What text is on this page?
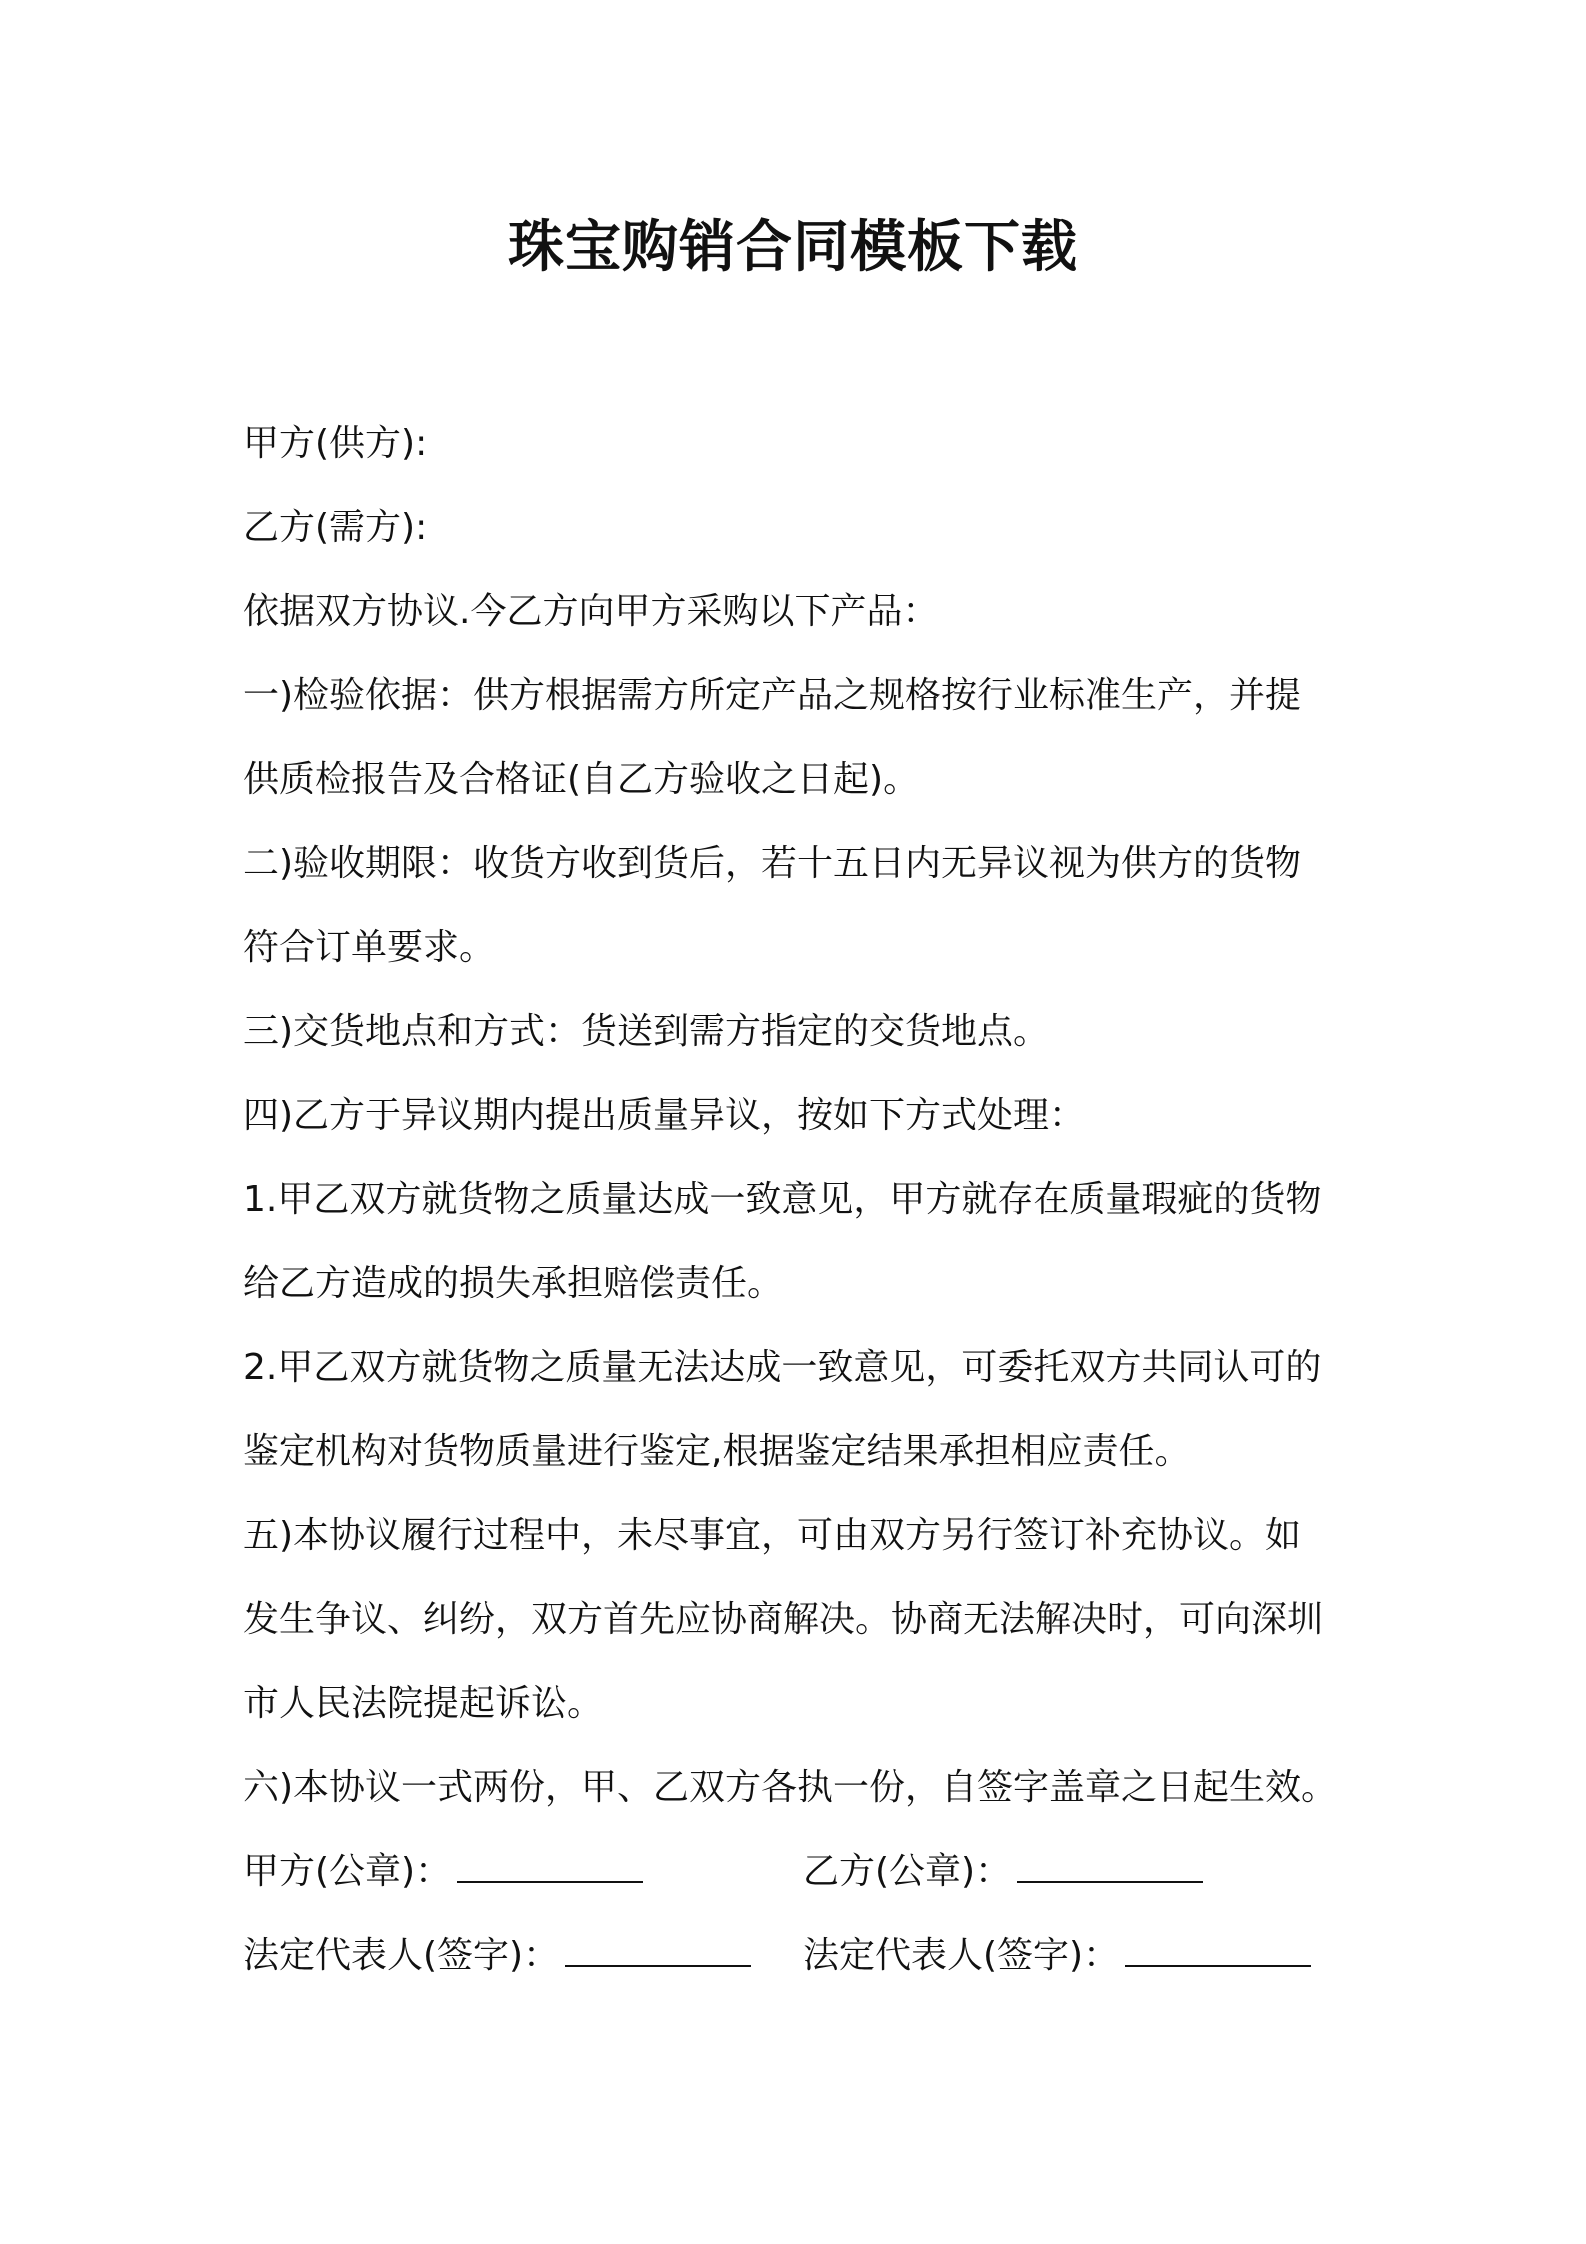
珠宝购销合同模板下载

甲方(供方):

乙方(需方):

依据双方协议.今乙方向甲方采购以下产品：

一)检验依据：供方根据需方所定产品之规格按行业标准生产，并提

供质检报告及合格证(自乙方验收之日起)。

二)验收期限：收货方收到货后，若十五日内无异议视为供方的货物

符合订单要求。

三)交货地点和方式：货送到需方指定的交货地点。

四)乙方于异议期内提出质量异议，按如下方式处理：

1.甲乙双方就货物之质量达成一致意见，甲方就存在质量瑕疵的货物

给乙方造成的损失承担赔偿责任。

2.甲乙双方就货物之质量无法达成一致意见，可委托双方共同认可的

鉴定机构对货物质量进行鉴定,根据鉴定结果承担相应责任。

五)本协议履行过程中，未尽事宜，可由双方另行签订补充协议。如

发生争议、纠纷，双方首先应协商解决。协商无法解决时，可向深圳

市人民法院提起诉讼。

六)本协议一式两份，甲、乙双方各执一份，自签字盖章之日起生效。

甲方(公章)：	乙方(公章)：
法定代表人(签字)：	法定代表人(签字)：
